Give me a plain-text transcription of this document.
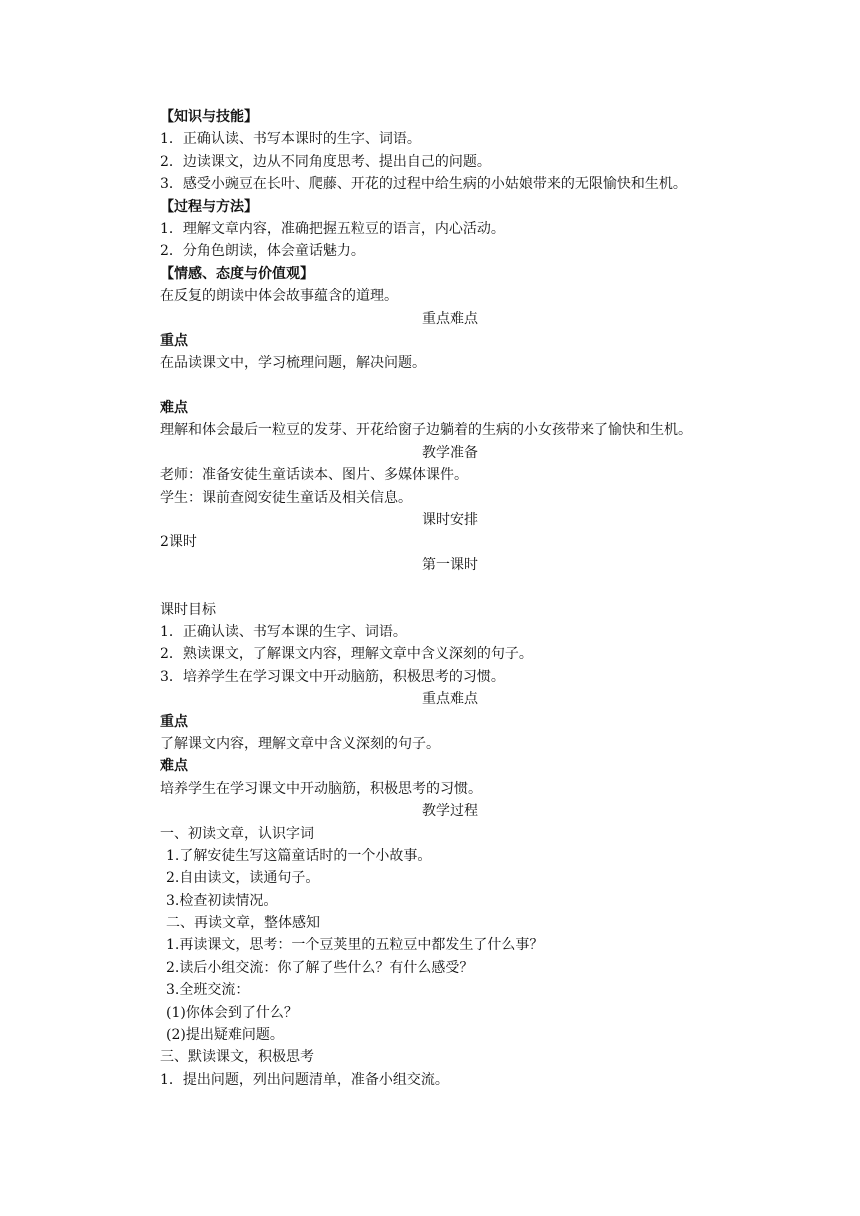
【知识与技能】
1．正确认读、书写本课时的生字、词语。
2．边读课文，边从不同角度思考、提出自己的问题。
3．感受小豌豆在长叶、爬藤、开花的过程中给生病的小姑娘带来的无限愉快和生机。
【过程与方法】
1．理解文章内容，准确把握五粒豆的语言，内心活动。
2．分角色朗读，体会童话魅力。
【情感、态度与价值观】
在反复的朗读中体会故事蕴含的道理。
重点难点
重点
在品读课文中，学习梳理问题，解决问题。
难点
理解和体会最后一粒豆的发芽、开花给窗子边躺着的生病的小女孩带来了愉快和生机。
教学准备
老师：准备安徒生童话读本、图片、多媒体课件。
学生：课前查阅安徒生童话及相关信息。
课时安排
2课时
第一课时
课时目标
1．正确认读、书写本课的生字、词语。
2．熟读课文，了解课文内容，理解文章中含义深刻的句子。
3．培养学生在学习课文中开动脑筋，积极思考的习惯。
重点难点
重点
了解课文内容，理解文章中含义深刻的句子。
难点
培养学生在学习课文中开动脑筋，积极思考的习惯。
教学过程
一、初读文章，认识字词
1.了解安徒生写这篇童话时的一个小故事。
2.自由读文，读通句子。
3.检查初读情况。
二、再读文章，整体感知
1.再读课文，思考：一个豆荚里的五粒豆中都发生了什么事？
2.读后小组交流：你了解了些什么？有什么感受？
3.全班交流：
(1)你体会到了什么？
(2)提出疑难问题。
三、默读课文，积极思考
1．提出问题，列出问题清单，准备小组交流。
